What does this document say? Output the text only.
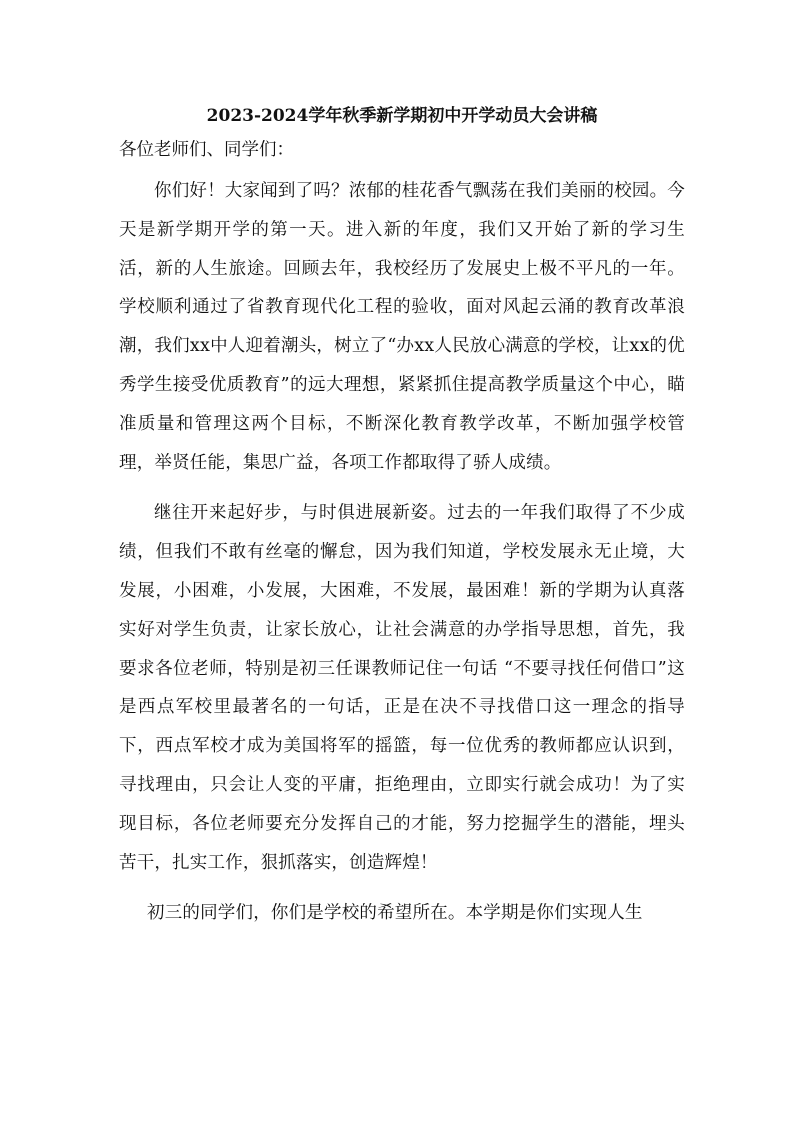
2023-2024学年秋季新学期初中开学动员大会讲稿

各位老师们、同学们：

你们好！大家闻到了吗？浓郁的桂花香气飘荡在我们美丽的校园。今天是新学期开学的第一天。进入新的年度，我们又开始了新的学习生活，新的人生旅途。回顾去年，我校经历了发展史上极不平凡的一年。学校顺利通过了省教育现代化工程的验收，面对风起云涌的教育改革浪潮，我们xx中人迎着潮头，树立了“办xx人民放心满意的学校，让xx的优秀学生接受优质教育”的远大理想，紧紧抓住提高教学质量这个中心，瞄准质量和管理这两个目标，不断深化教育教学改革，不断加强学校管理，举贤任能，集思广益，各项工作都取得了骄人成绩。

继往开来起好步，与时俱进展新姿。过去的一年我们取得了不少成绩，但我们不敢有丝毫的懈怠，因为我们知道，学校发展永无止境，大发展，小困难，小发展，大困难，不发展，最困难！新的学期为认真落实好对学生负责，让家长放心，让社会满意的办学指导思想，首先，我要求各位老师，特别是初三任课教师记住一句话 “不要寻找任何借口”这是西点军校里最著名的一句话，正是在决不寻找借口这一理念的指导下，西点军校才成为美国将军的摇篮，每一位优秀的教师都应认识到，寻找理由，只会让人变的平庸，拒绝理由，立即实行就会成功！为了实现目标，各位老师要充分发挥自己的才能，努力挖掘学生的潜能，埋头苦干，扎实工作，狠抓落实，创造辉煌！

初三的同学们，你们是学校的希望所在。本学期是你们实现人生
